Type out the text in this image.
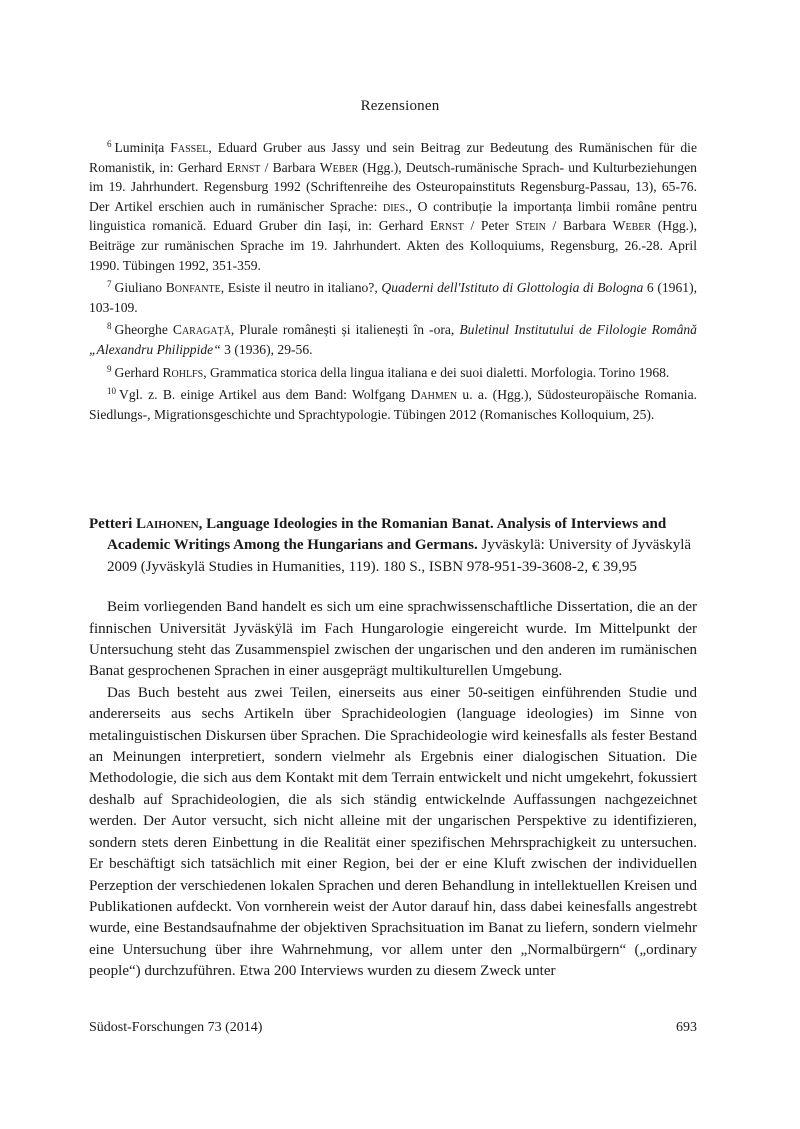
Rezensionen

$^6$ Luminița Fassel, Eduard Gruber aus Jassy und sein Beitrag zur Bedeutung des Rumänischen für die Romanistik, in: Gerhard Ernst / Barbara Weber (Hgg.), Deutsch-rumänische Sprach- und Kulturbeziehungen im 19. Jahrhundert. Regensburg 1992 (Schriftenreihe des Osteuropainstituts Regensburg-Passau, 13), 65-76. Der Artikel erschien auch in rumänischer Sprache: dies., O contribuție la importanța limbii române pentru linguistica romanică. Eduard Gruber din Iași, in: Gerhard Ernst / Peter Stein / Barbara Weber (Hgg.), Beiträge zur rumänischen Sprache im 19. Jahrhundert. Akten des Kolloquiums, Regensburg, 26.-28. April 1990. Tübingen 1992, 351-359.

$^7$ Giuliano Bonfante, Esiste il neutro in italiano?, Quaderni dell'Istituto di Glottologia di Bologna 6 (1961), 103-109.

$^8$ Gheorghe Caragață, Plurale românești și italienești în -ora, Buletinul Institutului de Filologie Română „Alexandru Philippide“ 3 (1936), 29-56.

$^9$ Gerhard Rohlfs, Grammatica storica della lingua italiana e dei suoi dialetti. Morfologia. Torino 1968.

$^{10}$ Vgl. z. B. einige Artikel aus dem Band: Wolfgang Dahmen u. a. (Hgg.), Südosteuropäische Romania. Siedlungs-, Migrationsgeschichte und Sprachtypologie. Tübingen 2012 (Romanisches Kolloquium, 25).

Petteri Laihonen, Language Ideologies in the Romanian Banat. Analysis of Interviews and Academic Writings Among the Hungarians and Germans. Jyväskylä: University of Jyväskylä 2009 (Jyväskylä Studies in Humanities, 119). 180 S., ISBN 978-951-39-3608-2, € 39,95

Beim vorliegenden Band handelt es sich um eine sprachwissenschaftliche Dissertation, die an der finnischen Universität Jyväskÿlä im Fach Hungarologie eingereicht wurde. Im Mittelpunkt der Untersuchung steht das Zusammenspiel zwischen der ungarischen und den anderen im rumänischen Banat gesprochenen Sprachen in einer ausgeprägt multikulturellen Umgebung.

Das Buch besteht aus zwei Teilen, einerseits aus einer 50-seitigen einführenden Studie und andererseits aus sechs Artikeln über Sprachideologien (language ideologies) im Sinne von metalinguistischen Diskursen über Sprachen. Die Sprachideologie wird keinesfalls als fester Bestand an Meinungen interpretiert, sondern vielmehr als Ergebnis einer dialogischen Situation. Die Methodologie, die sich aus dem Kontakt mit dem Terrain entwickelt und nicht umgekehrt, fokussiert deshalb auf Sprachideologien, die als sich ständig entwickelnde Auffassungen nachgezeichnet werden. Der Autor versucht, sich nicht alleine mit der ungarischen Perspektive zu identifizieren, sondern stets deren Einbettung in die Realität einer spezifischen Mehrsprachigkeit zu untersuchen. Er beschäftigt sich tatsächlich mit einer Region, bei der er eine Kluft zwischen der individuellen Perzeption der verschiedenen lokalen Sprachen und deren Behandlung in intellektuellen Kreisen und Publikationen aufdeckt. Von vornherein weist der Autor darauf hin, dass dabei keinesfalls angestrebt wurde, eine Bestandsaufnahme der objektiven Sprachsituation im Banat zu liefern, sondern vielmehr eine Untersuchung über ihre Wahrnehmung, vor allem unter den „Normalbürgern“ („ordinary people“) durchzuführen. Etwa 200 Interviews wurden zu diesem Zweck unter

Südost-Forschungen 73 (2014)	693
